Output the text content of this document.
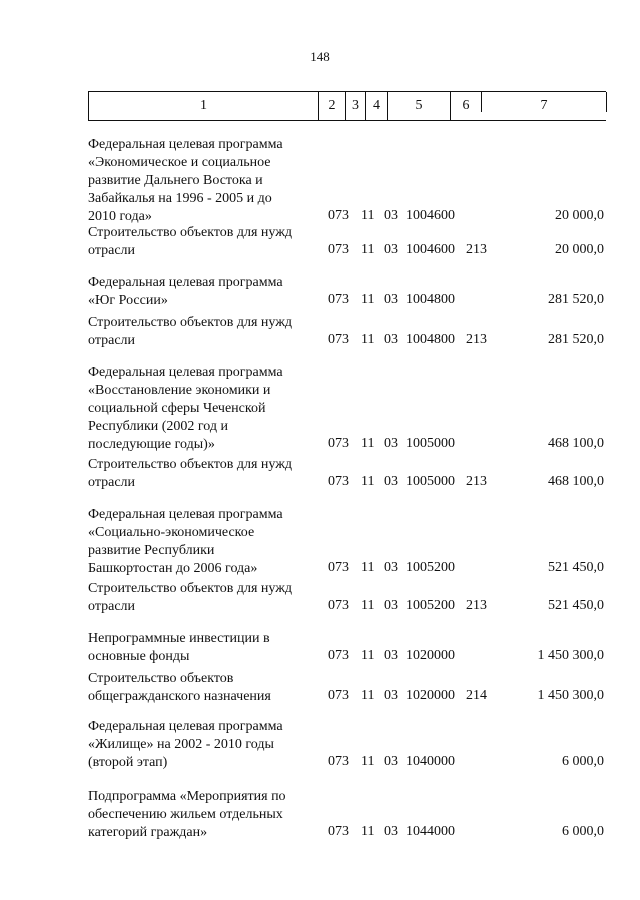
148
1	2	3	4	5	6	7
Федеральная целевая программа
«Экономическое и социальное
развитие Дальнего Востока и
Забайкалья на 1996 - 2005 и до
2010 года»	073 11 03 1004600	20 000,0
Строительство объектов для нужд
отрасли	073 11 03 1004600 213	20 000,0
Федеральная целевая программа
«Юг России»	073 11 03 1004800	281 520,0
Строительство объектов для нужд
отрасли	073 11 03 1004800 213	281 520,0
Федеральная целевая программа
«Восстановление экономики и
социальной сферы Чеченской
Республики (2002 год и
последующие годы)»	073 11 03 1005000	468 100,0
Строительство объектов для нужд
отрасли	073 11 03 1005000 213	468 100,0
Федеральная целевая программа
«Социально-экономическое
развитие Республики
Башкортостан до 2006 года»	073 11 03 1005200	521 450,0
Строительство объектов для нужд
отрасли	073 11 03 1005200 213	521 450,0
Непрограммные инвестиции в
основные фонды	073 11 03 1020000	1 450 300,0
Строительство объектов
общегражданского назначения	073 11 03 1020000 214	1 450 300,0
Федеральная целевая программа
«Жилище» на 2002 - 2010 годы
(второй этап)	073 11 03 1040000	6 000,0
Подпрограмма «Мероприятия по
обеспечению жильем отдельных
категорий граждан»	073 11 03 1044000	6 000,0
